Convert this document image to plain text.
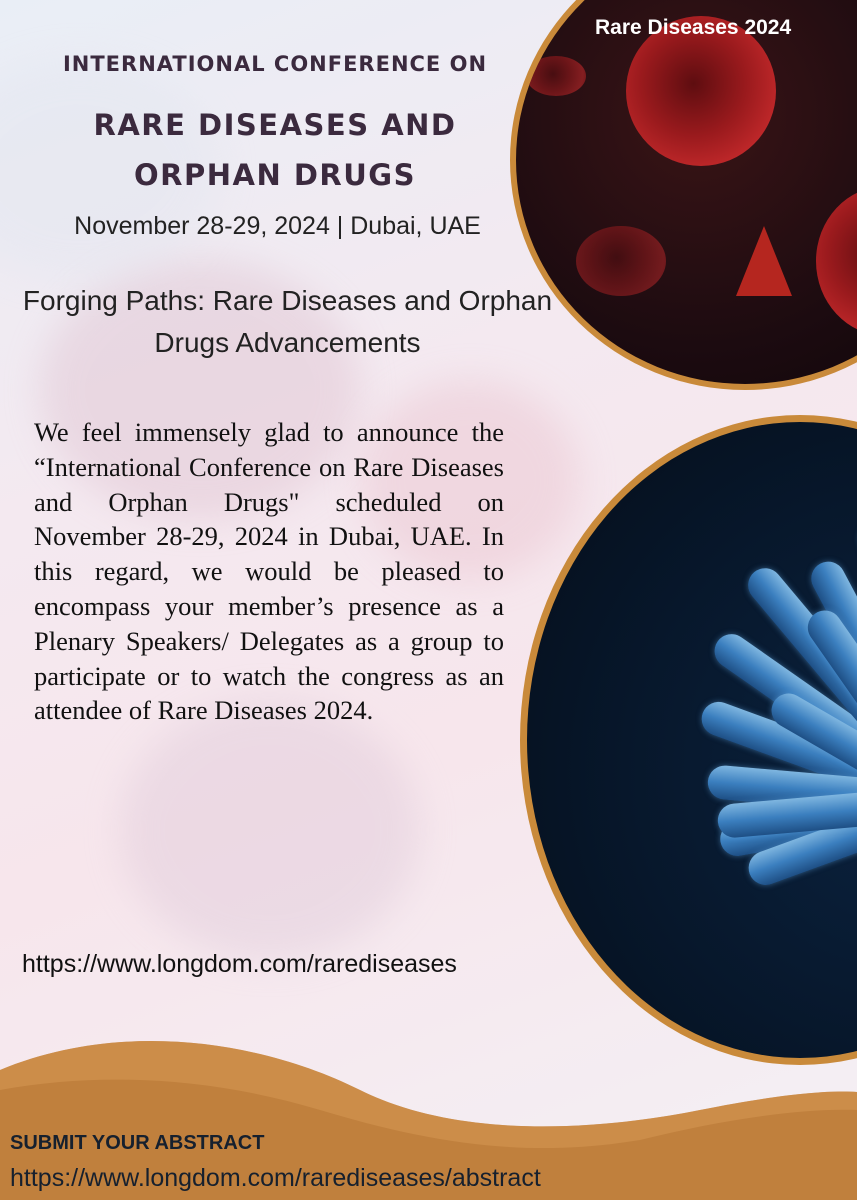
Rare Diseases 2024
INTERNATIONAL CONFERENCE ON
RARE DISEASES AND ORPHAN DRUGS
November 28-29, 2024 | Dubai, UAE
Forging Paths: Rare Diseases and Orphan Drugs Advancements
We feel immensely glad to announce the “International Conference on Rare Diseases and Orphan Drugs" scheduled on November 28-29, 2024 in Dubai, UAE. In this regard, we would be pleased to encompass your member’s presence as a Plenary Speakers/ Delegates as a group to participate or to watch the congress as an attendee of Rare Diseases 2024.
https://www.longdom.com/rarediseases
SUBMIT YOUR ABSTRACT
https://www.longdom.com/rarediseases/abstract
